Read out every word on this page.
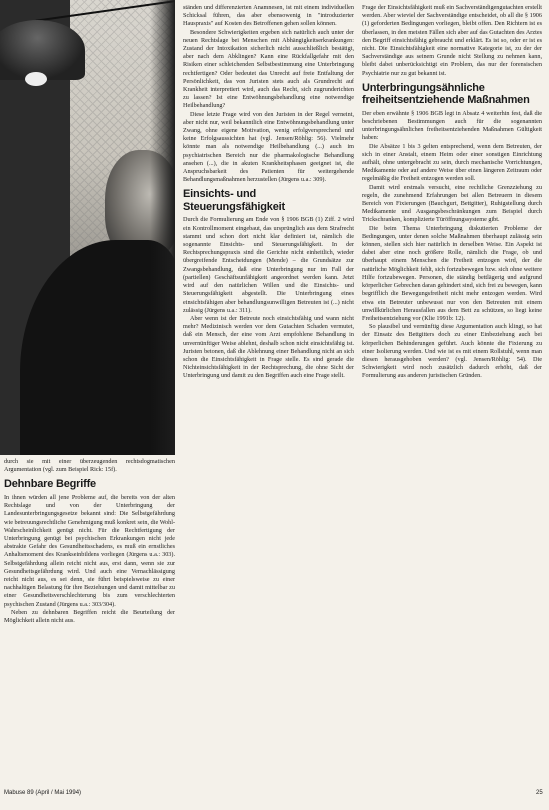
durch sie mit einer überzeugenden rechtsdogmatischen Argumentation (vgl. zum Beispiel Rick: 15f).

Dehnbare Begriffe

In ihnen würden all jene Probleme auf, die bereits von der alten Rechtslage und von der Unterbringung der Landesunterbringungsgesetze bekannt sind: Die Selbstgefährdung wie betreuungsrechtliche Genehmigung muß konkret sein, die Wohl-Wahrscheinlichkeit genügt nicht. Für die Rechtfertigung der Unterbringung genügt bei psychischen Erkrankungen nicht jede abstrakte Gefahr des Gesundheitsschadens, es muß ein ernstliches Anhaltsmoment des Krankseinbildens vorliegen (Jürgens u.a.: 303). Selbstgefährdung allein reicht nicht aus, erst dann, wenn sie zur Gesundheitsgefährdung wird. Und auch eine Vernachlässigung reicht nicht aus, es sei denn, sie führt beispielsweise zu einer nachhaltigen Belastung für ihre Beziehungen und damit mittelbar zu einer Gesundheitsverschlechterung bis zum verschlechterten psychischen Zustand (Jürgens u.a.: 303/304).

Neben zu dehnbaren Begriffen reicht die Beurteilung der Möglichkeit allein nicht aus.

ständen und differenzierten Anamnesen, ist mit einem individuellen Schicksal führen, das aber ebensowenig in "introduzierter Hauspraxis" auf Kosten des Betroffenen gehen sollen können.

Besondere Schwierigkeiten ergeben sich natürlich auch unter der neuen Rechtslage bei Menschen mit Abhängigkeitserkrankungen: Zustand der Intoxikation sicherlich nicht ausschließlich bestätigt, aber nach dem Abklingen? Kann eine Rückfallgefahr mit den Risiken einer schleichenden Selbstbestimmung eine Unterbringung rechtfertigen? Oder bedeutet das Unrecht auf freie Entfaltung der Persönlichkeit, das von Juristen stets auch als Grundrecht auf Krankheit interpretiert wird, auch das Recht, sich zugrunderichten zu lassen? Ist eine Entwöhnungsbehandlung eine notwendige Heilbehandlung?

Diese letzte Frage wird von den Juristen in der Regel verneint, aber nicht nur, weil bekanntlich eine Entwöhnungsbehandlung unter Zwang, ohne eigene Motivation, wenig erfolgversprechend und keine Erfolgsaussichten hat (vgl. Jensen/Röhlig: 56). Vielmehr könnte man als notwendige Heilbehandlung (...) auch im psychiatrischen Bereich nur die pharmakologische Behandlung ansehen (...), die in akuten Krankheitsphasen geeignet ist, die Anspruchsbarkeit des Patienten für weitergehende Behandlungsmaßnahmen herzustellen (Jürgens u.a.: 309).

Einsichts- und Steuerungsfähigkeit

Durch die Formulierung am Ende von § 1906 BGB (1) Ziff. 2 wird ein Kontrollmoment eingebaut, das ursprünglich aus dem Strafrecht stammt und schon dort nicht klar definiert ist, nämlich die sogenannte Einsichts- und Steuerungsfähigkeit. In der Rechtsprechungspraxis sind die Gerichte nicht einheitlich, wieder übergreifende Entscheidungen (Mende) – die Grundsätze zur Zwangsbehandlung, daß eine Unterbringung nur im Fall der (partiellen) Geschäftsunfähigkeit angeordnet werden kann. Jetzt wird auf den natürlichen Willen und die Einsichts- und Steuerungsfähigkeit abgestellt. Die Unterbringung eines einsichtsfähigen aber behandlungsunwilligen Betreuten ist (...) nicht zulässig (Jürgens u.a.: 311).

Aber wenn ist der Betreute noch einsichtsfähig und wann nicht mehr? Medizinisch werden vor dem Gutachten Schaden vermutet, daß ein Mensch, der eine vom Arzt empfohlene Behandlung in unvernünftiger Weise ablehnt, deshalb schon nicht einsichtsfähig ist. Juristen betonen, daß die Ablehnung einer Behandlung nicht an sich schon die Einsichtsfähigkeit in Frage stelle. Es sind gerade die Nichteinsichtsfähigkeit in der Rechtsprechung, die ohne Sicht der Unterbringung und damit zu den Begriffen auch eine Frage stellt.

Frage der Einsichtsfähigkeit muß ein Sachverständigengutachten erstellt werden. Aber wieviel der Sachverständige entscheidet, ob all die § 1906 (1) geforderten Bedingungen vorliegen, bleibt offen. Den Richtern ist es überlassen, in den meisten Fällen sich aber auf das Gutachten des Arztes den Begriff einsichtsfähig gebraucht und erklärt. Es ist so, oder er ist es nicht. Die Einsichtsfähigkeit eine normative Kategorie ist, zu der der Sachverständige aus seinem Grunde nicht Stellung zu nehmen kann, bleibt dabei unberücksichtigt ein Problem, das nur der forensischen Psychiatrie nur zu gut bekannt ist.

Unterbringungsähnliche freiheitsentziehende Maßnahmen

Der eben erwähnte § 1906 BGB legt in Absatz 4 weiterhin fest, daß die beschriebenen Bestimmungen auch für die sogenannten unterbringungsähnlichen freiheitsentziehenden Maßnahmen Gültigkeit haben:

Die Absätze 1 bis 3 gelten entsprechend, wenn dem Betreuten, der sich in einer Anstalt, einem Heim oder einer sonstigen Einrichtung aufhält, ohne untergebracht zu sein, durch mechanische Vorrichtungen, Medikamente oder auf andere Weise über einen längeren Zeitraum oder regelmäßig die Freiheit entzogen werden soll.

Damit wird erstmals versucht, eine rechtliche Grenzziehung zu regeln, die zunehmend Erfahrungen bei allen Betreuern in diesem Bereich von Fixierungen (Bauchgurt, Bettgitter), Ruhigstellung durch Medikamente und Ausgangsbeschränkungen zum Beispiel durch Trickschranken, komplizierte Türöffnungssysteme gibt.

Die beim Thema Unterbringung diskutierten Probleme der Bedingungen, unter denen solche Maßnahmen überhaupt zulässig sein können, stellen sich hier natürlich in derselben Weise. Ein Aspekt ist dabei aber eine noch größere Rolle, nämlich die Frage, ob und überhaupt einem Menschen die Freiheit entzogen wird, der die natürliche Möglichkeit fehlt, sich fortzubewegen bzw. sich ohne weitere Hilfe fortzubewegen. Personen, die ständig bettlägerig und aufgrund körperlicher Gebrechen daran gehindert sind, sich frei zu bewegen, kann begrifflich die Bewegungsfreiheit nicht mehr entzogen werden. Wird etwa ein Betreuter unbewusst nur von den Betreuten mit einem unwillkürlichen Herausfallen aus dem Bett zu schützen, so liegt keine Freiheitsentziehung vor (Klie 1991b: 12).

So plausibel und vernünftig diese Argumentation auch klingt, so hat der Einsatz des Bettgitters doch zu einer Einbeziehung auch bei körperlichen Behinderungen geführt. Auch könnte die Fixierung zu einer Isolierung werden. Und wie ist es mit einem Rollstuhl, wenn man diesen herausgehoben werden? (vgl. Jensen/Röhlig: 54). Die Schwierigkeit wird noch zusätzlich dadurch erhöht, daß der Formulierung aus anderen juristischen Gründen.

Mabuse 89 (April / Mai 1994)	25
